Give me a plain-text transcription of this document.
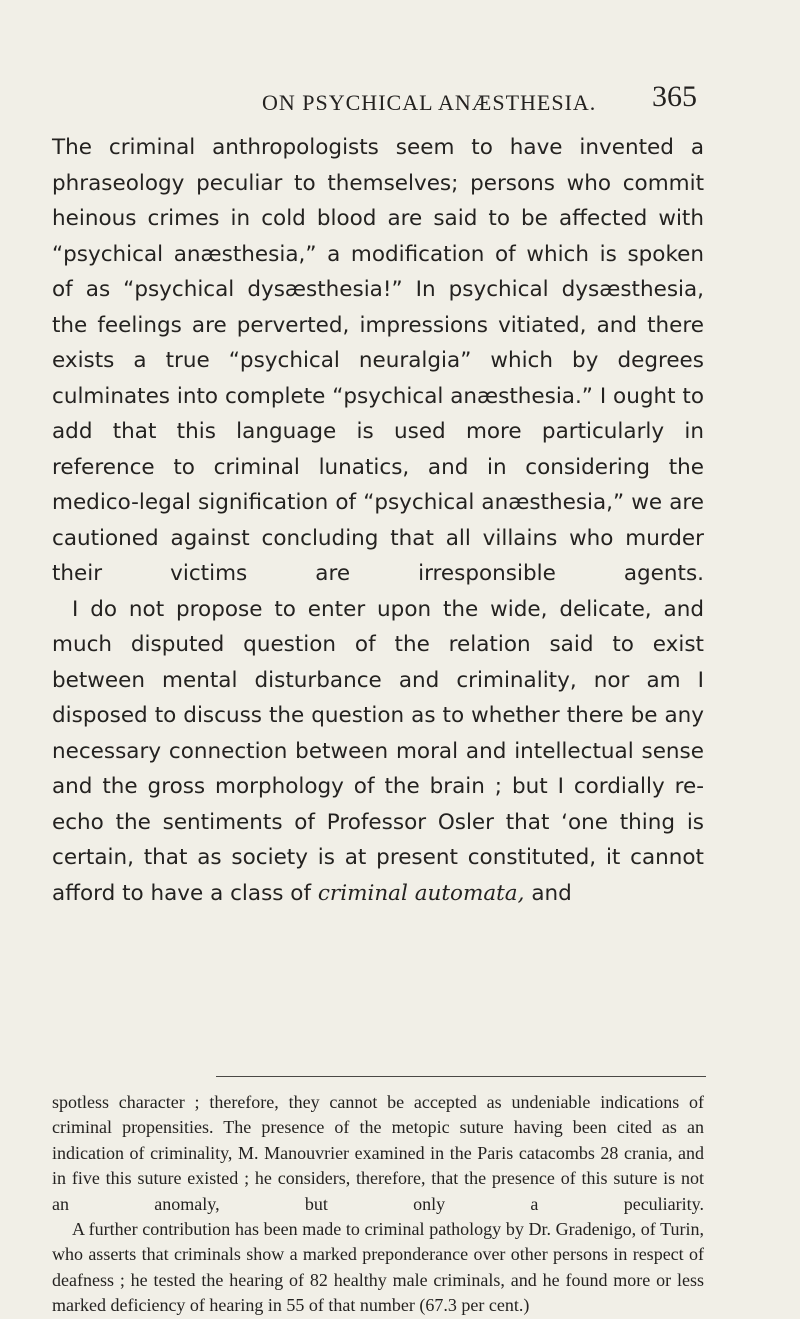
ON PSYCHICAL ANÆSTHESIA. 365

The criminal anthropologists seem to have invented a phraseology peculiar to themselves; persons who commit heinous crimes in cold blood are said to be affected with “psychical anæsthesia,” a modification of which is spoken of as “psychical dysæsthesia!” In psychical dysæsthesia, the feelings are perverted, impressions vitiated, and there exists a true “psychical neuralgia” which by degrees culminates into complete “psychical anæsthesia.” I ought to add that this language is used more particularly in reference to criminal lunatics, and in considering the medico-legal signification of “psychical anæsthesia,” we are cautioned against concluding that all villains who murder their victims are irresponsible agents.

I do not propose to enter upon the wide, delicate, and much disputed question of the relation said to exist between mental disturbance and criminality, nor am I disposed to discuss the question as to whether there be any necessary connection between moral and intellectual sense and the gross morphology of the brain ; but I cordially re-echo the sentiments of Professor Osler that ‘one thing is certain, that as society is at present constituted, it cannot afford to have a class of criminal automata, and

spotless character ; therefore, they cannot be accepted as undeniable indications of criminal propensities. The presence of the metopic suture having been cited as an indication of criminality, M. Manouvrier examined in the Paris catacombs 28 crania, and in five this suture existed ; he considers, therefore, that the presence of this suture is not an anomaly, but only a peculiarity.

A further contribution has been made to criminal pathology by Dr. Gradenigo, of Turin, who asserts that criminals show a marked preponderance over other persons in respect of deafness ; he tested the hearing of 82 healthy male criminals, and he found more or less marked deficiency of hearing in 55 of that number (67.3 per cent.)
